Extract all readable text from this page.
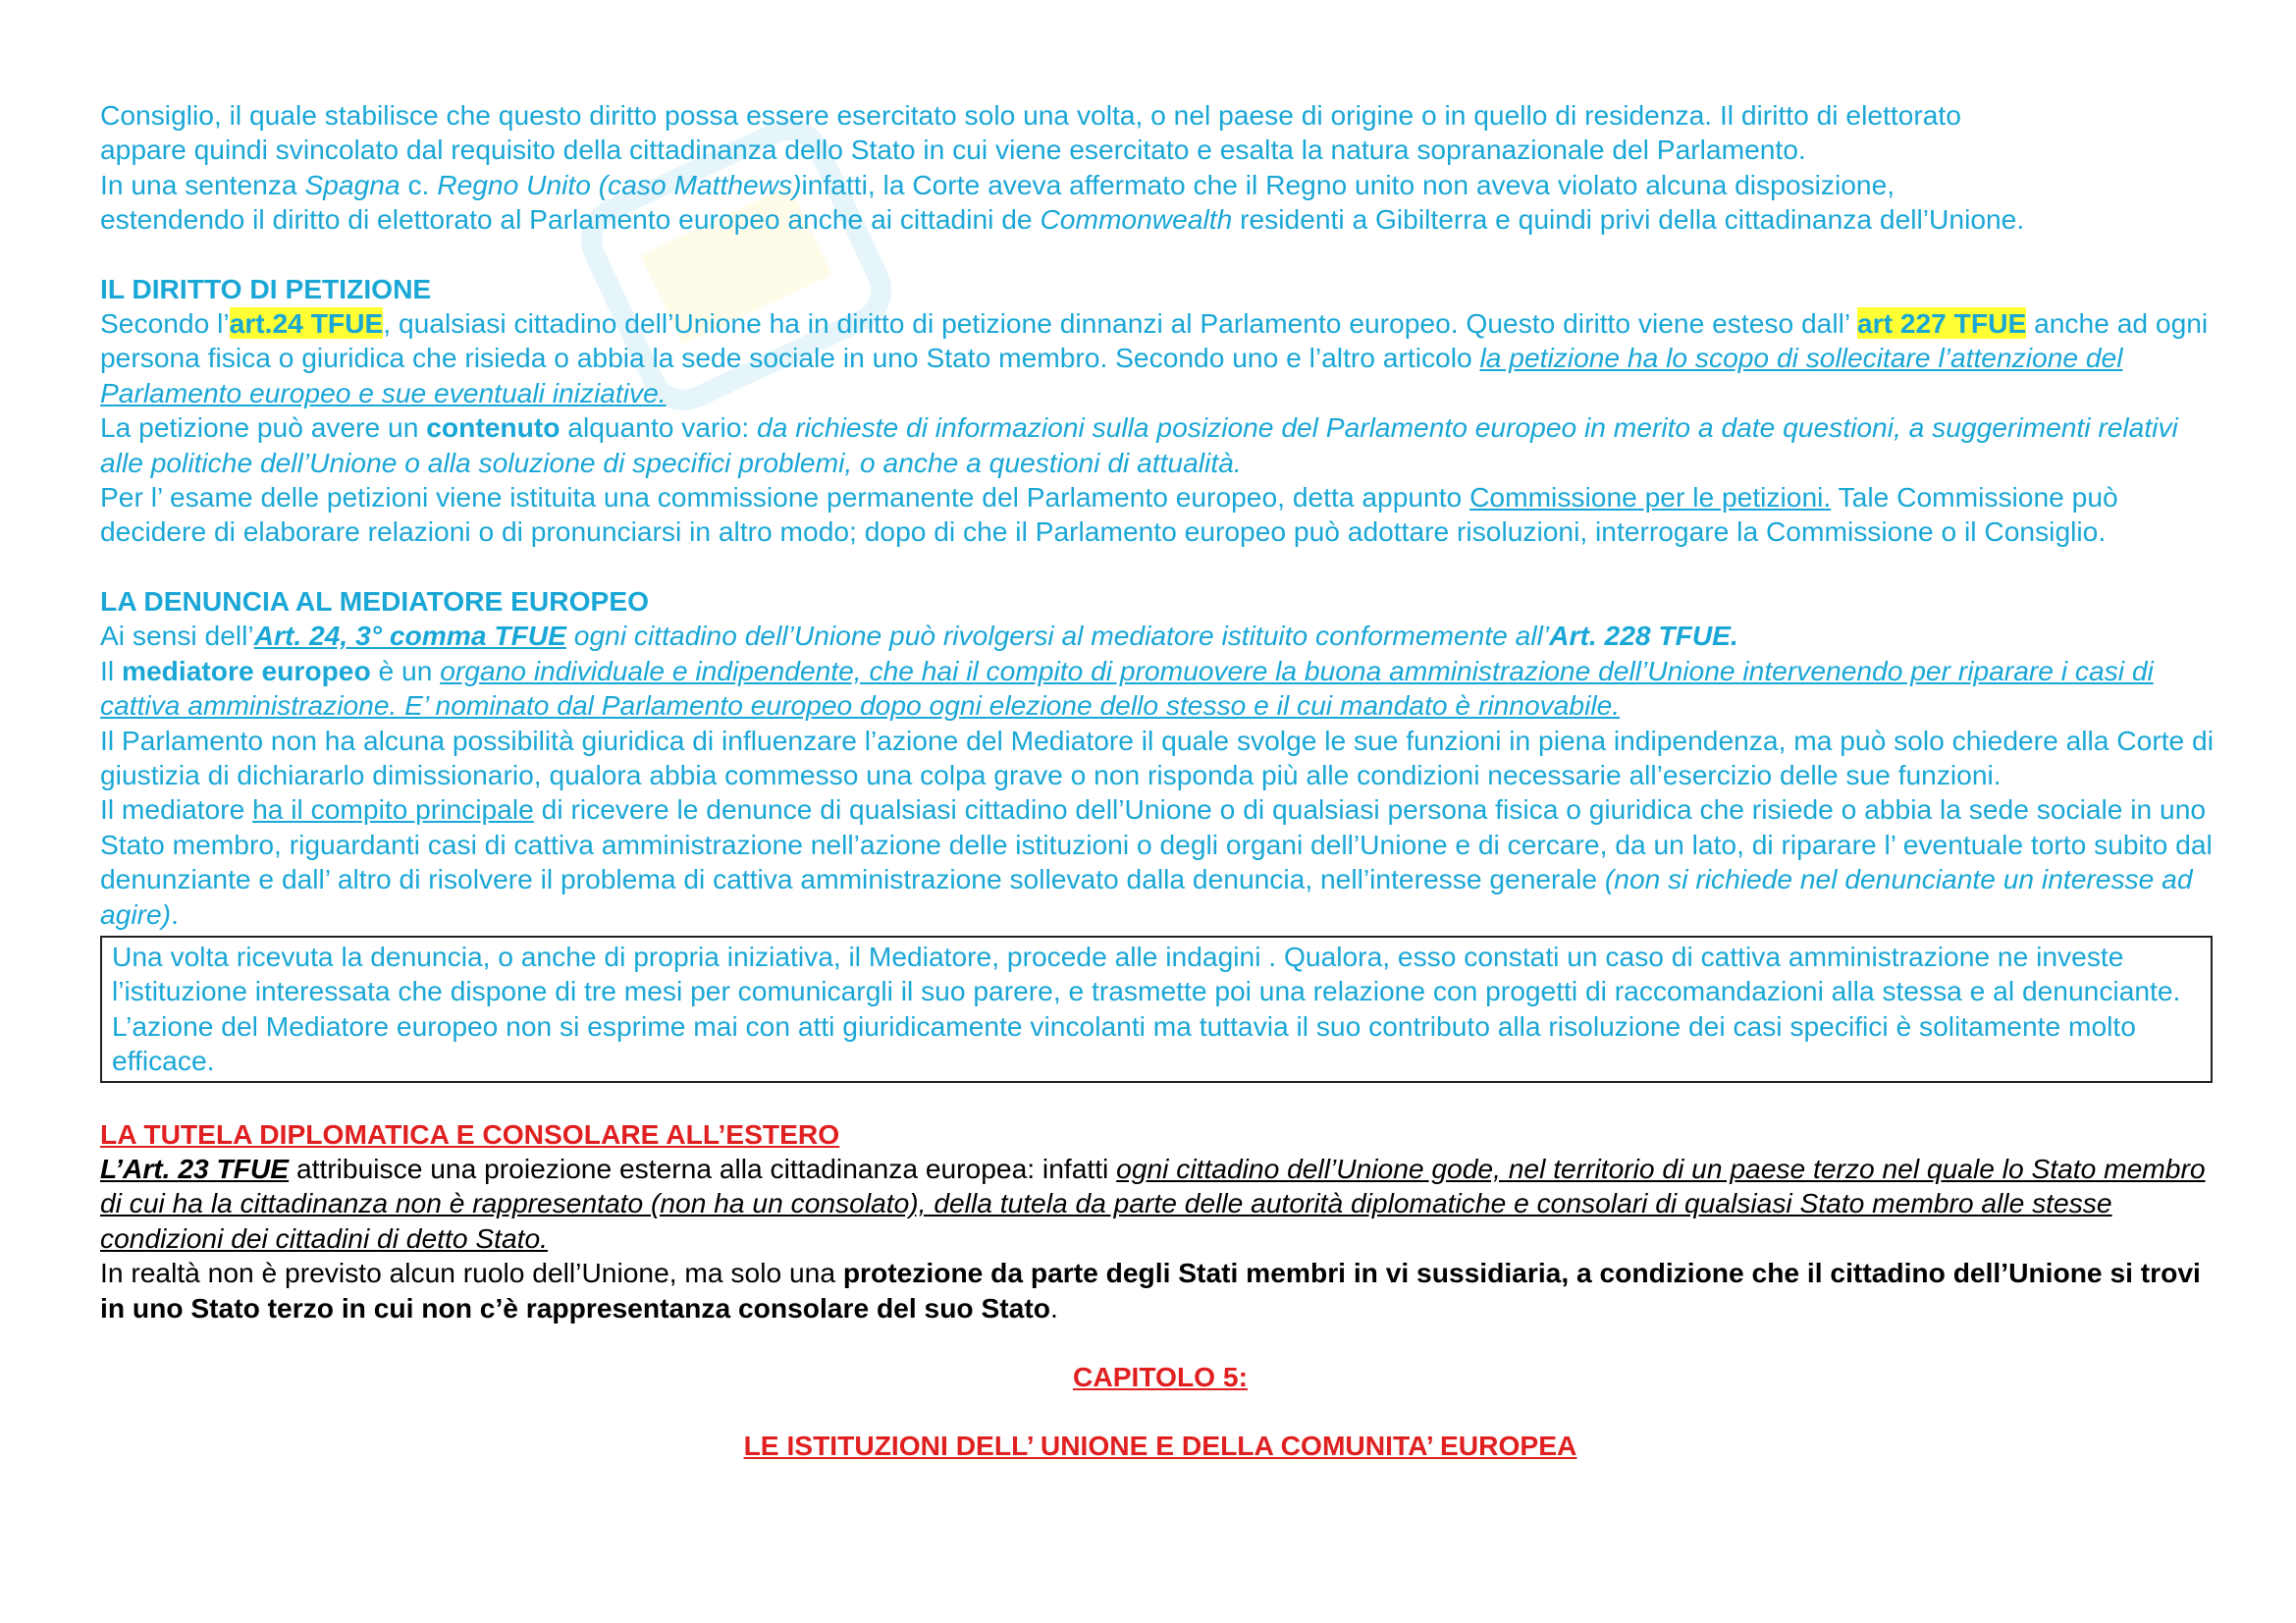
Consiglio, il quale stabilisce che questo diritto possa essere esercitato solo una volta, o nel paese di origine o in quello di residenza. Il diritto di elettorato
appare quindi svincolato dal requisito della cittadinanza dello Stato in cui viene esercitato e esalta la natura sopranazionale del Parlamento.
In una sentenza Spagna c. Regno Unito (caso Matthews)infatti, la Corte aveva affermato che il Regno unito non aveva violato alcuna disposizione,
estendendo il diritto di elettorato al Parlamento europeo anche ai cittadini de Commonwealth residenti a Gibilterra e quindi privi della cittadinanza dell’Unione.

IL DIRITTO DI PETIZIONE

Secondo l’art.24 TFUE, qualsiasi cittadino dell’Unione ha in diritto di petizione dinnanzi al Parlamento europeo. Questo diritto viene esteso dall’ art 227 TFUE anche ad ogni persona fisica o giuridica che risieda o abbia la sede sociale in uno Stato membro. Secondo uno e l’altro articolo la petizione ha lo scopo di sollecitare l’attenzione del Parlamento europeo e sue eventuali iniziative.

La petizione può avere un contenuto alquanto vario: da richieste di informazioni sulla posizione del Parlamento europeo in merito a date questioni, a suggerimenti relativi alle politiche dell’Unione o alla soluzione di specifici problemi, o anche a questioni di attualità.

Per l’ esame delle petizioni viene istituita una commissione permanente del Parlamento europeo, detta appunto Commissione per le petizioni. Tale Commissione può decidere di elaborare relazioni o di pronunciarsi in altro modo; dopo di che il Parlamento europeo può adottare risoluzioni, interrogare la Commissione o il Consiglio.

LA DENUNCIA AL MEDIATORE EUROPEO

Ai sensi dell’Art. 24, 3° comma TFUE ogni cittadino dell’Unione può rivolgersi al mediatore istituito conformemente all’Art. 228 TFUE.

Il mediatore europeo è un organo individuale e indipendente, che hai il compito di promuovere la buona amministrazione dell’Unione intervenendo per riparare i casi di cattiva amministrazione. E’ nominato dal Parlamento europeo dopo ogni elezione dello stesso e il cui mandato è rinnovabile.

Il Parlamento non ha alcuna possibilità giuridica di influenzare l’azione del Mediatore il quale svolge le sue funzioni in piena indipendenza, ma può solo chiedere alla Corte di giustizia di dichiararlo dimissionario, qualora abbia commesso una colpa grave o non risponda più alle condizioni necessarie all’esercizio delle sue funzioni.

Il mediatore ha il compito principale di ricevere le denunce di qualsiasi cittadino dell’Unione o di qualsiasi persona fisica o giuridica che risiede o abbia la sede sociale in uno Stato membro, riguardanti casi di cattiva amministrazione nell’azione delle istituzioni o degli organi dell’Unione e di cercare, da un lato, di riparare l’ eventuale torto subito dal denunziante e dall’ altro di risolvere il problema di cattiva amministrazione sollevato dalla denuncia, nell’interesse generale (non si richiede nel denunciante un interesse ad agire).

Una volta ricevuta la denuncia, o anche di propria iniziativa, il Mediatore, procede alle indagini . Qualora, esso constati un caso di cattiva amministrazione ne investe l’istituzione interessata che dispone di tre mesi per comunicargli il suo parere, e trasmette poi una relazione con progetti di raccomandazioni alla stessa e al denunciante. L’azione del Mediatore europeo non si esprime mai con atti giuridicamente vincolanti ma tuttavia il suo contributo alla risoluzione dei casi specifici è solitamente molto efficace.

LA TUTELA DIPLOMATICA E CONSOLARE ALL’ESTERO

L’Art. 23 TFUE attribuisce una proiezione esterna alla cittadinanza europea: infatti ogni cittadino dell’Unione gode, nel territorio di un paese terzo nel quale lo Stato membro di cui ha la cittadinanza non è rappresentato (non ha un consolato), della tutela da parte delle autorità diplomatiche e consolari di qualsiasi Stato membro alle stesse condizioni dei cittadini di detto Stato.

In realtà non è previsto alcun ruolo dell’Unione, ma solo una protezione da parte degli Stati membri in vi sussidiaria, a condizione che il cittadino dell’Unione si trovi in uno Stato terzo in cui non c’è rappresentanza consolare del suo Stato.

CAPITOLO 5:

LE ISTITUZIONI DELL’ UNIONE E DELLA COMUNITA’ EUROPEA
